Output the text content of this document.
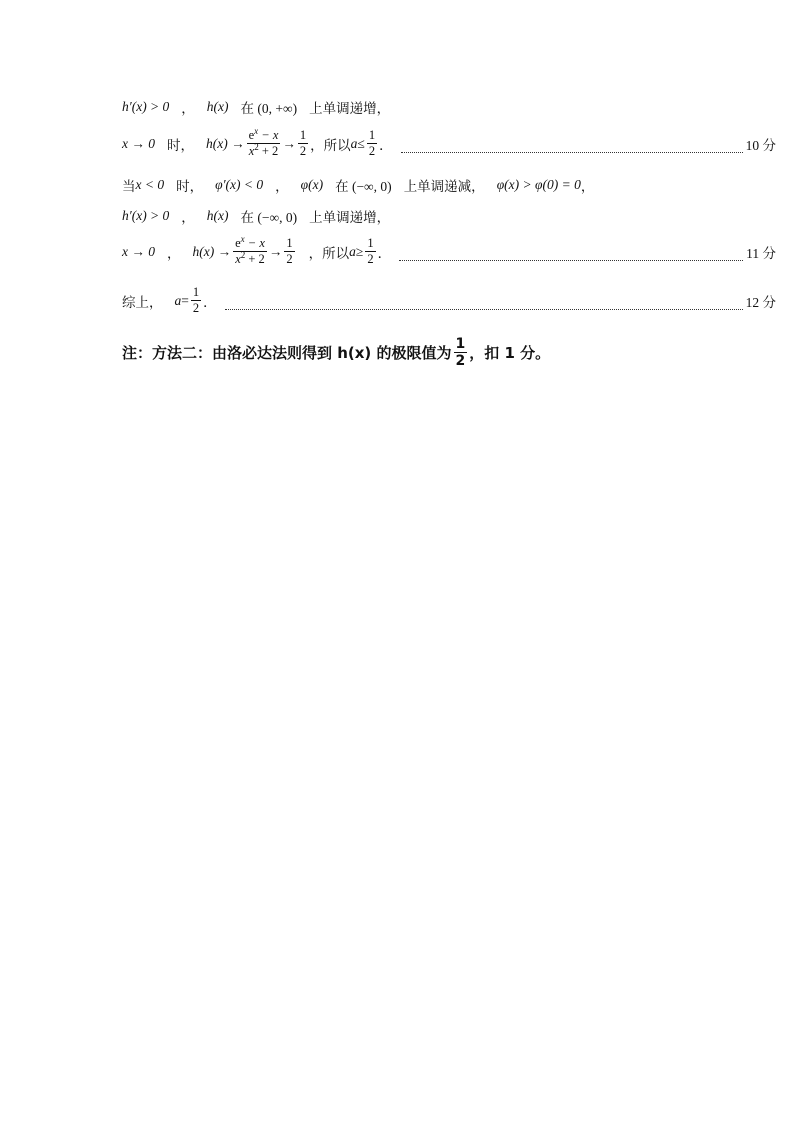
h′(x) > 0 ， h(x) 在 (0, +∞) 上单调递增，
x → 0 时， $h(x) \to \frac{e^x - x}{x^2 + 2} \to \frac{1}{2}$ ，所以 $a \le \frac{1}{2}$ ．	10 分
当 x < 0 时， φ′(x) < 0 ， φ(x) 在 (−∞, 0) 上单调递减， φ(x) > φ(0) = 0 ，
h′(x) > 0 ， h(x) 在 (−∞, 0) 上单调递增，
x → 0 ， $h(x) \to \frac{e^x - x}{x^2 + 2} \to \frac{1}{2}$ ，所以 $a \ge \frac{1}{2}$ ．	11 分
综上， $a = \frac{1}{2}$ ．	12 分
注：方法二：由洛必达法则得到 h(x) 的极限值为 $\frac{1}{2}$ ，扣 1 分。
